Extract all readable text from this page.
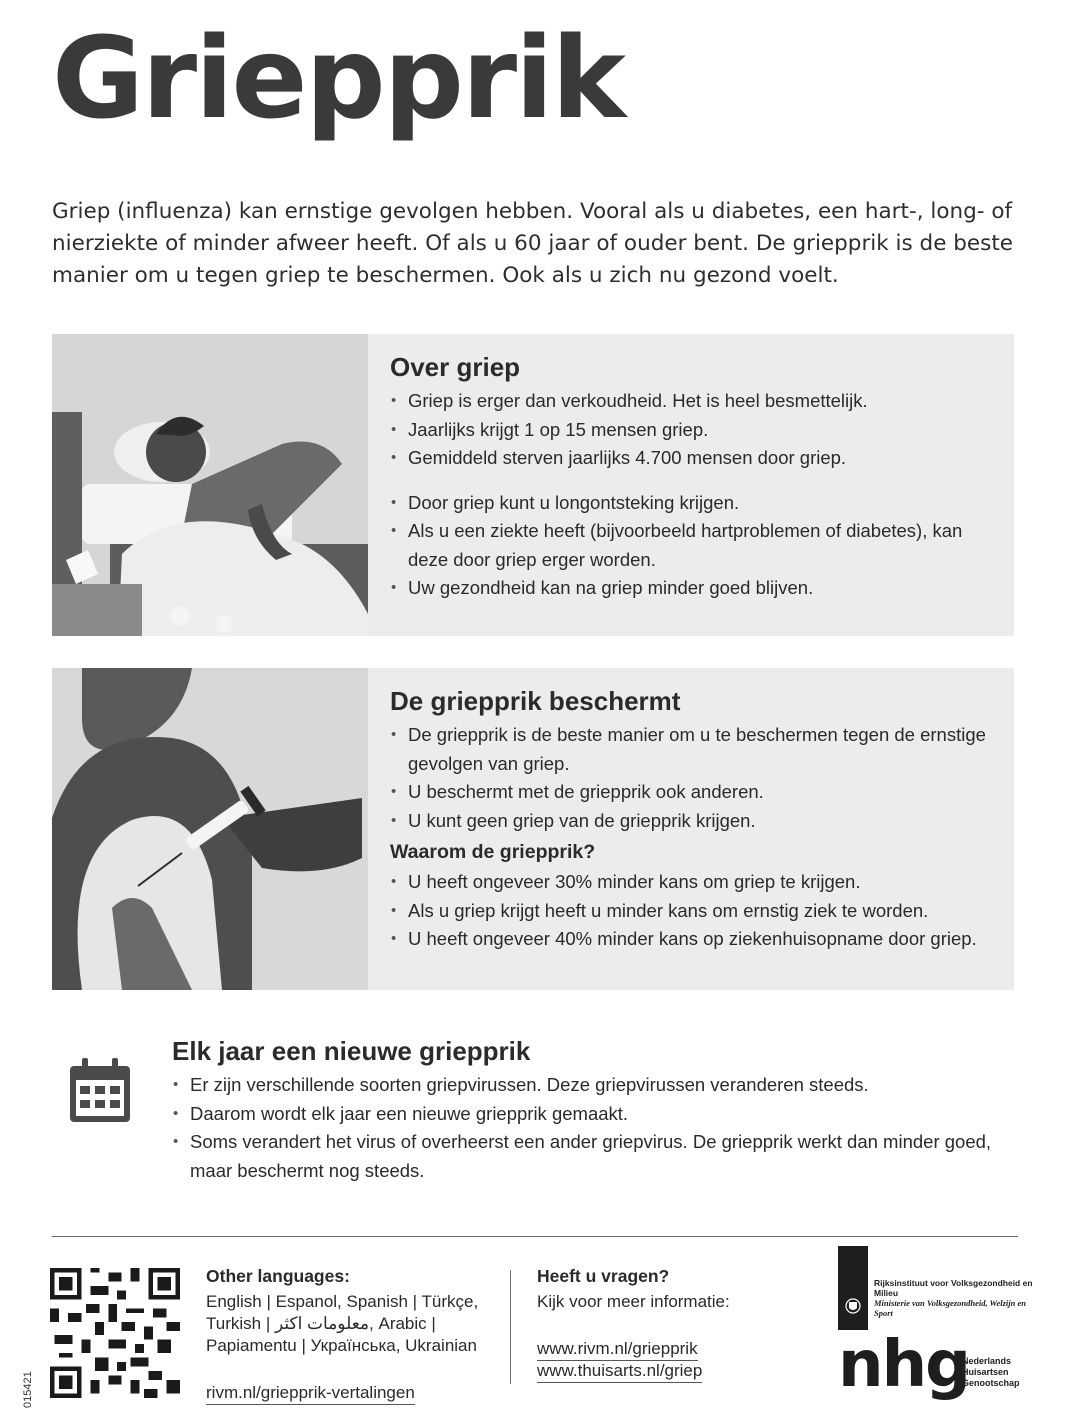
Griepprik

Griep (influenza) kan ernstige gevolgen hebben. Vooral als u diabetes, een hart-, long- of nierziekte of minder afweer heeft. Of als u 60 jaar of ouder bent. De griepprik is de beste manier om u tegen griep te beschermen. Ook als u zich nu gezond voelt.

Over griep
• Griep is erger dan verkoudheid. Het is heel besmettelijk.
• Jaarlijks krijgt 1 op 15 mensen griep.
• Gemiddeld sterven jaarlijks 4.700 mensen door griep.
• Door griep kunt u longontsteking krijgen.
• Als u een ziekte heeft (bijvoorbeeld hartproblemen of diabetes), kan deze door griep erger worden.
• Uw gezondheid kan na griep minder goed blijven.
De griepprik beschermt
• De griepprik is de beste manier om u te beschermen tegen de ernstige gevolgen van griep.
• U beschermt met de griepprik ook anderen.
• U kunt geen griep van de griepprik krijgen.
Waarom de griepprik?
• U heeft ongeveer 30% minder kans om griep te krijgen.
• Als u griep krijgt heeft u minder kans om ernstig ziek te worden.
• U heeft ongeveer 40% minder kans op ziekenhuisopname door griep.
Elk jaar een nieuwe griepprik
• Er zijn verschillende soorten griepvirussen. Deze griepvirussen veranderen steeds.
• Daarom wordt elk jaar een nieuwe griepprik gemaakt.
• Soms verandert het virus of overheerst een ander griepvirus. De griepprik werkt dan minder goed, maar beschermt nog steeds.
015421
Other languages:
English | Espanol, Spanish | Türkçe,
Turkish | معلومات اكثر, Arabic |
Papiamentu | Українська, Ukrainian
rivm.nl/griepprik-vertalingen
Heeft u vragen?
Kijk voor meer informatie:
www.rivm.nl/griepprik
www.thuisarts.nl/griep
Rijksinstituut voor Volksgezondheid en Milieu
Ministerie van Volksgezondheid, Welzijn en Sport
nhg
Nederlands
Huisartsen
Genootschap
